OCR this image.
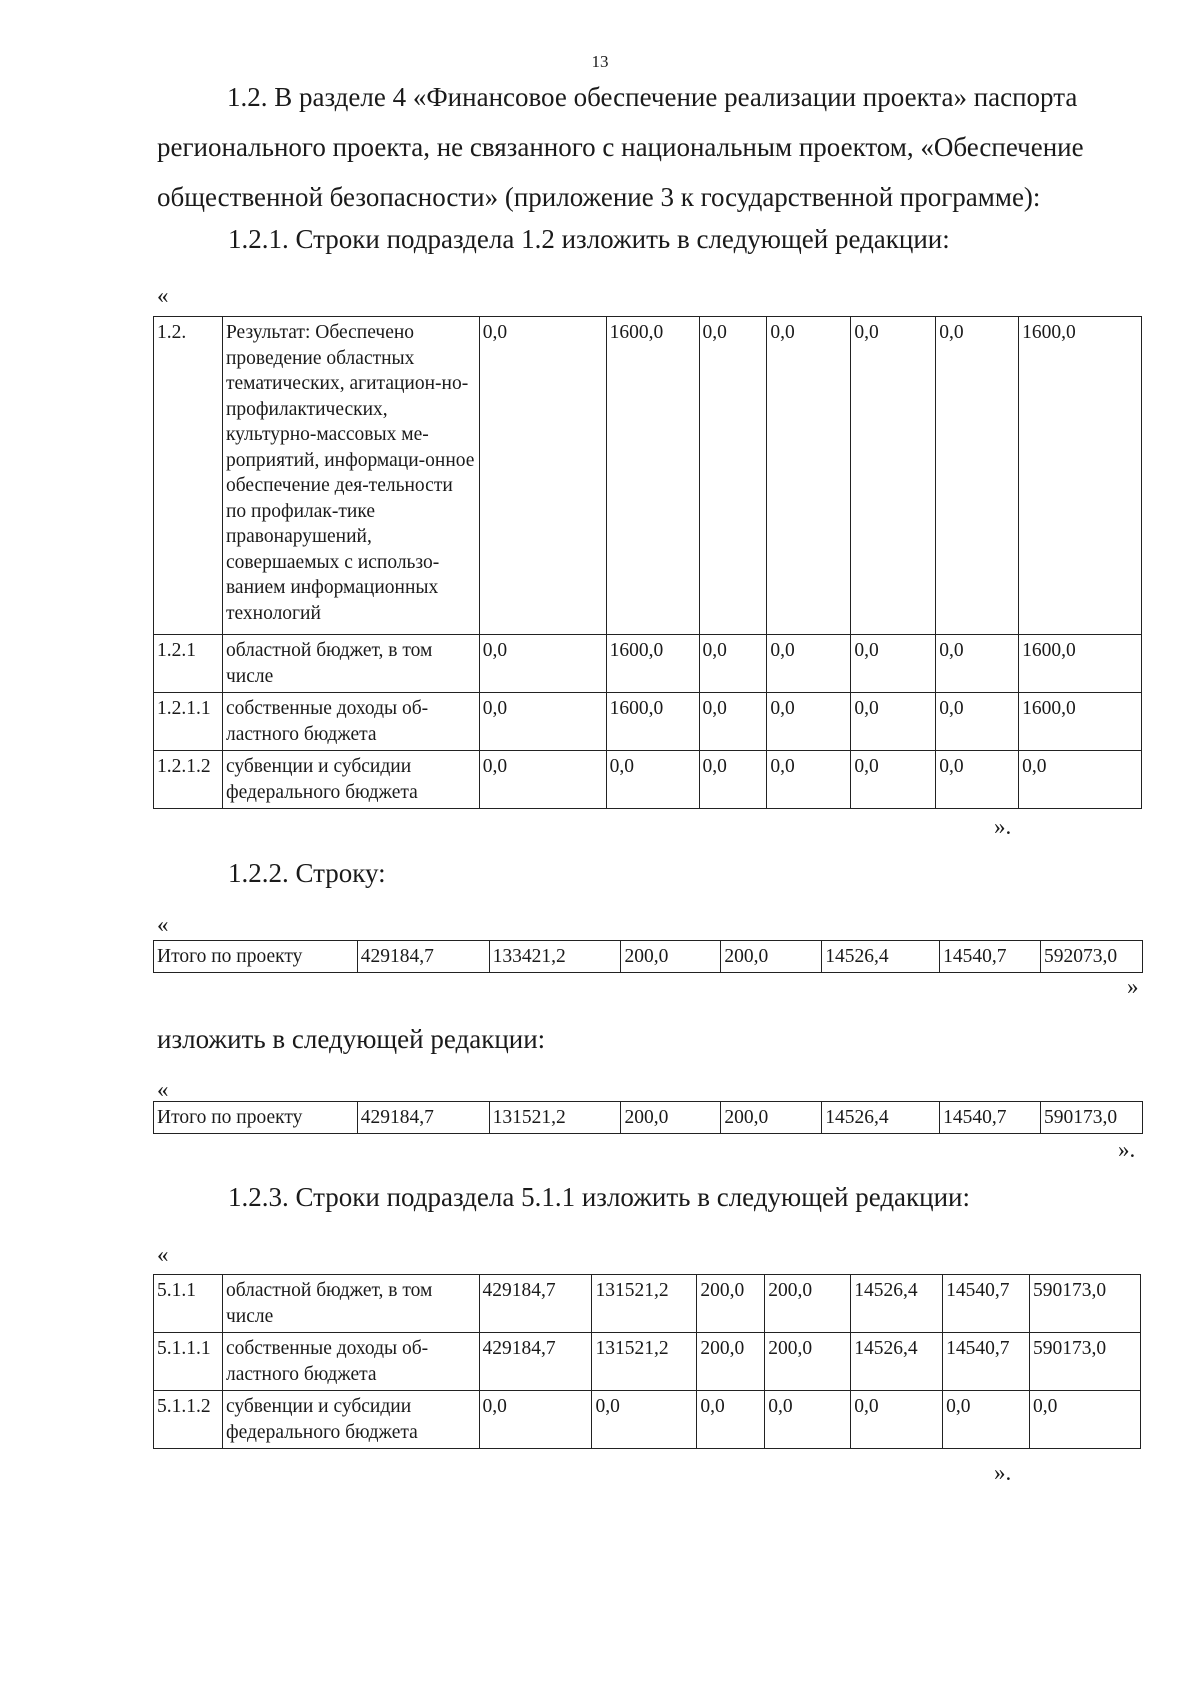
13
1.2. В разделе 4 «Финансовое обеспечение реализации проекта» паспорта
регионального проекта, не связанного с национальным проектом, «Обеспечение
общественной безопасности» (приложение 3 к государственной программе):
1.2.1. Строки подраздела 1.2 изложить в следующей редакции:
«
1.2.	Результат: Обеспечено проведение областных тематических, агитацион-но-профилактических, культурно-массовых ме-роприятий, информаци-онное обеспечение дея-тельности по профилак-тике правонарушений, совершаемых с использо-ванием информационных технологий	0,0	1600,0	0,0	0,0	0,0	0,0	1600,0
1.2.1	областной бюджет, в том числе	0,0	1600,0	0,0	0,0	0,0	0,0	1600,0
1.2.1.1	собственные доходы об-ластного бюджета	0,0	1600,0	0,0	0,0	0,0	0,0	1600,0
1.2.1.2	субвенции и субсидии федерального бюджета	0,0	0,0	0,0	0,0	0,0	0,0	0,0
».
1.2.2. Строку:
«
Итого по проекту	429184,7	133421,2	200,0	200,0	14526,4	14540,7	592073,0
»
изложить в следующей редакции:
«
Итого по проекту	429184,7	131521,2	200,0	200,0	14526,4	14540,7	590173,0
».
1.2.3. Строки подраздела 5.1.1 изложить в следующей редакции:
«
5.1.1	областной бюджет, в том числе	429184,7	131521,2	200,0	200,0	14526,4	14540,7	590173,0
5.1.1.1	собственные доходы об-ластного бюджета	429184,7	131521,2	200,0	200,0	14526,4	14540,7	590173,0
5.1.1.2	субвенции и субсидии федерального бюджета	0,0	0,0	0,0	0,0	0,0	0,0	0,0
».
